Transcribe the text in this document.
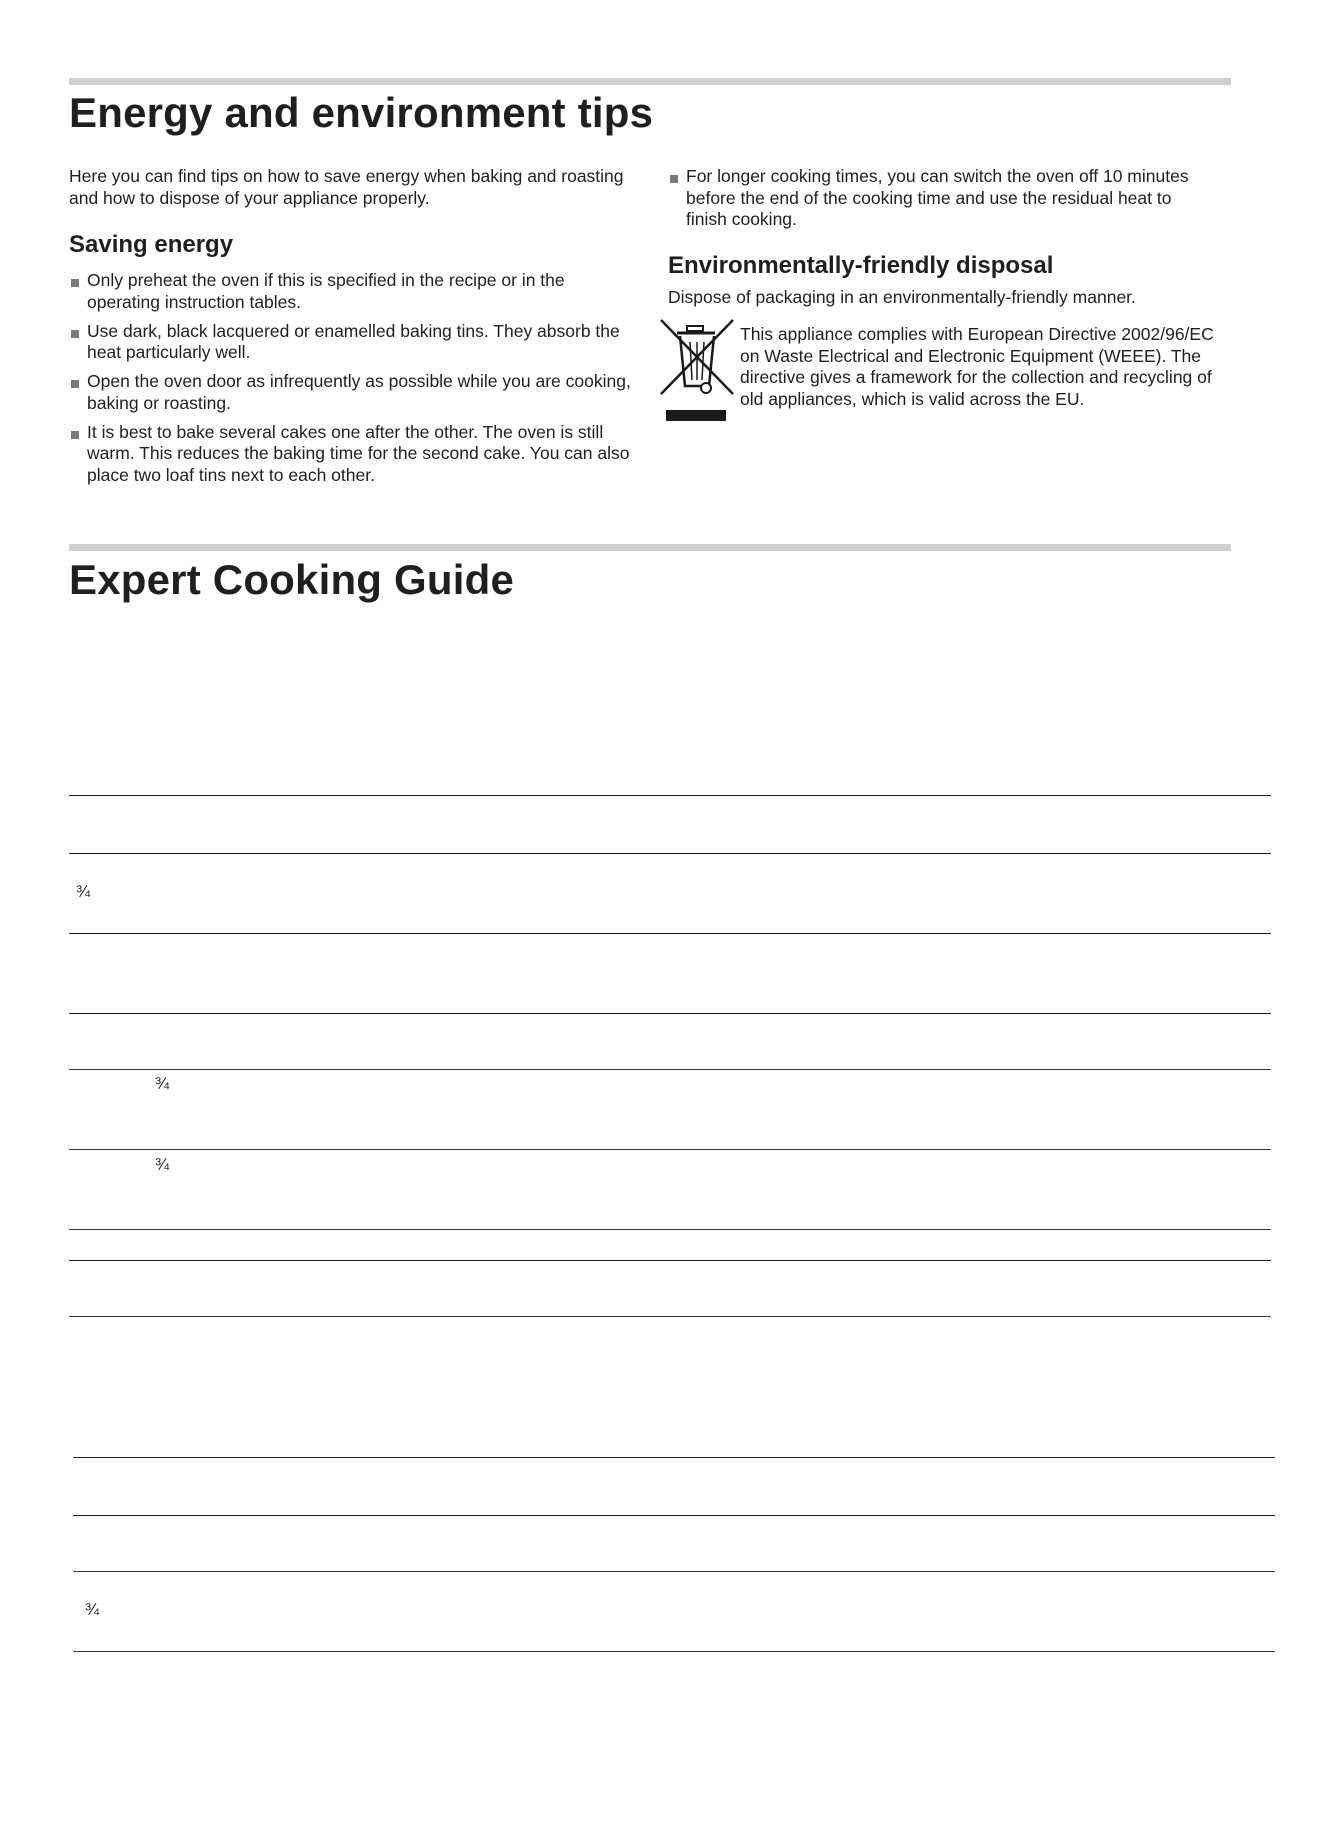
Energy and environment tips

Here you can find tips on how to save energy when baking and roasting and how to dispose of your appliance properly.

Saving energy
Only preheat the oven if this is specified in the recipe or in the operating instruction tables.
Use dark, black lacquered or enamelled baking tins. They absorb the heat particularly well.
Open the oven door as infrequently as possible while you are cooking, baking or roasting.
It is best to bake several cakes one after the other. The oven is still warm. This reduces the baking time for the second cake. You can also place two loaf tins next to each other.
For longer cooking times, you can switch the oven off 10 minutes before the end of the cooking time and use the residual heat to finish cooking.
Environmentally-friendly disposal

Dispose of packaging in an environmentally-friendly manner.

This appliance complies with European Directive 2002/96/EC on Waste Electrical and Electronic Equipment (WEEE). The directive gives a framework for the collection and recycling of old appliances, which is valid across the EU.

Expert Cooking Guide
¾
¾
¾
¾
